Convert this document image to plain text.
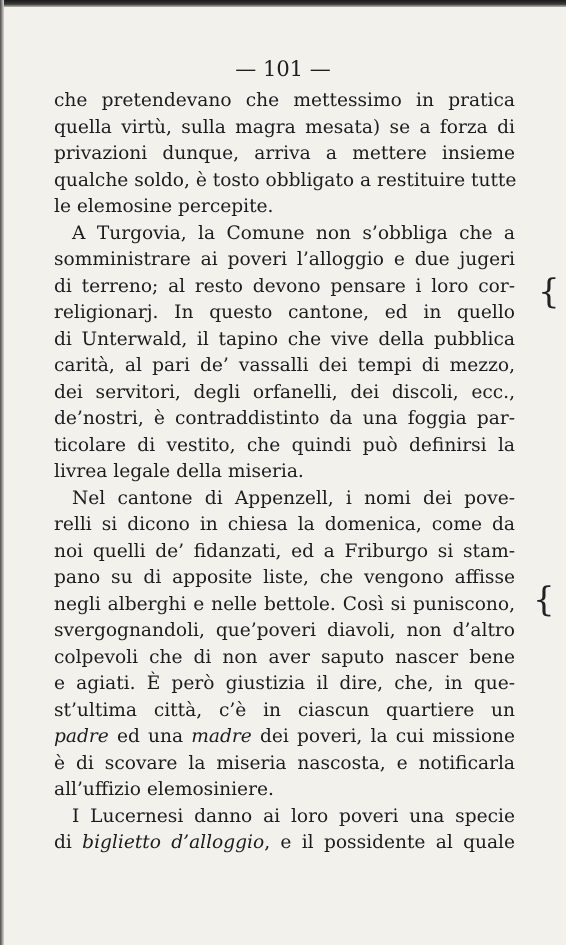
— 101 —
che pretendevano che mettessimo in pratica
quella virtù, sulla magra mesata) se a forza di
privazioni dunque, arriva a mettere insieme
qualche soldo, è tosto obbligato a restituire tutte
le elemosine percepite.
A Turgovia, la Comune non s’obbliga che a
somministrare ai poveri l’alloggio e due jugeri
di terreno; al resto devono pensare i loro cor-
religionarj. In questo cantone, ed in quello
di Unterwald, il tapino che vive della pubblica
carità, al pari de’ vassalli dei tempi di mezzo,
dei servitori, degli orfanelli, dei discoli, ecc.,
de’nostri, è contraddistinto da una foggia par-
ticolare di vestito, che quindi può definirsi la
livrea legale della miseria.
Nel cantone di Appenzell, i nomi dei pove-
relli si dicono in chiesa la domenica, come da
noi quelli de’ fidanzati, ed a Friburgo si stam-
pano su di apposite liste, che vengono affisse
negli alberghi e nelle bettole. Così si puniscono,
svergognandoli, que’poveri diavoli, non d’altro
colpevoli che di non aver saputo nascer bene
e agiati. È però giustizia il dire, che, in que-
st’ultima città, c’è in ciascun quartiere un
padre ed una madre dei poveri, la cui missione
è di scovare la miseria nascosta, e notificarla
all’uffizio elemosiniere.
I Lucernesi danno ai loro poveri una specie
di biglietto d’alloggio, e il possidente al quale
{
{
